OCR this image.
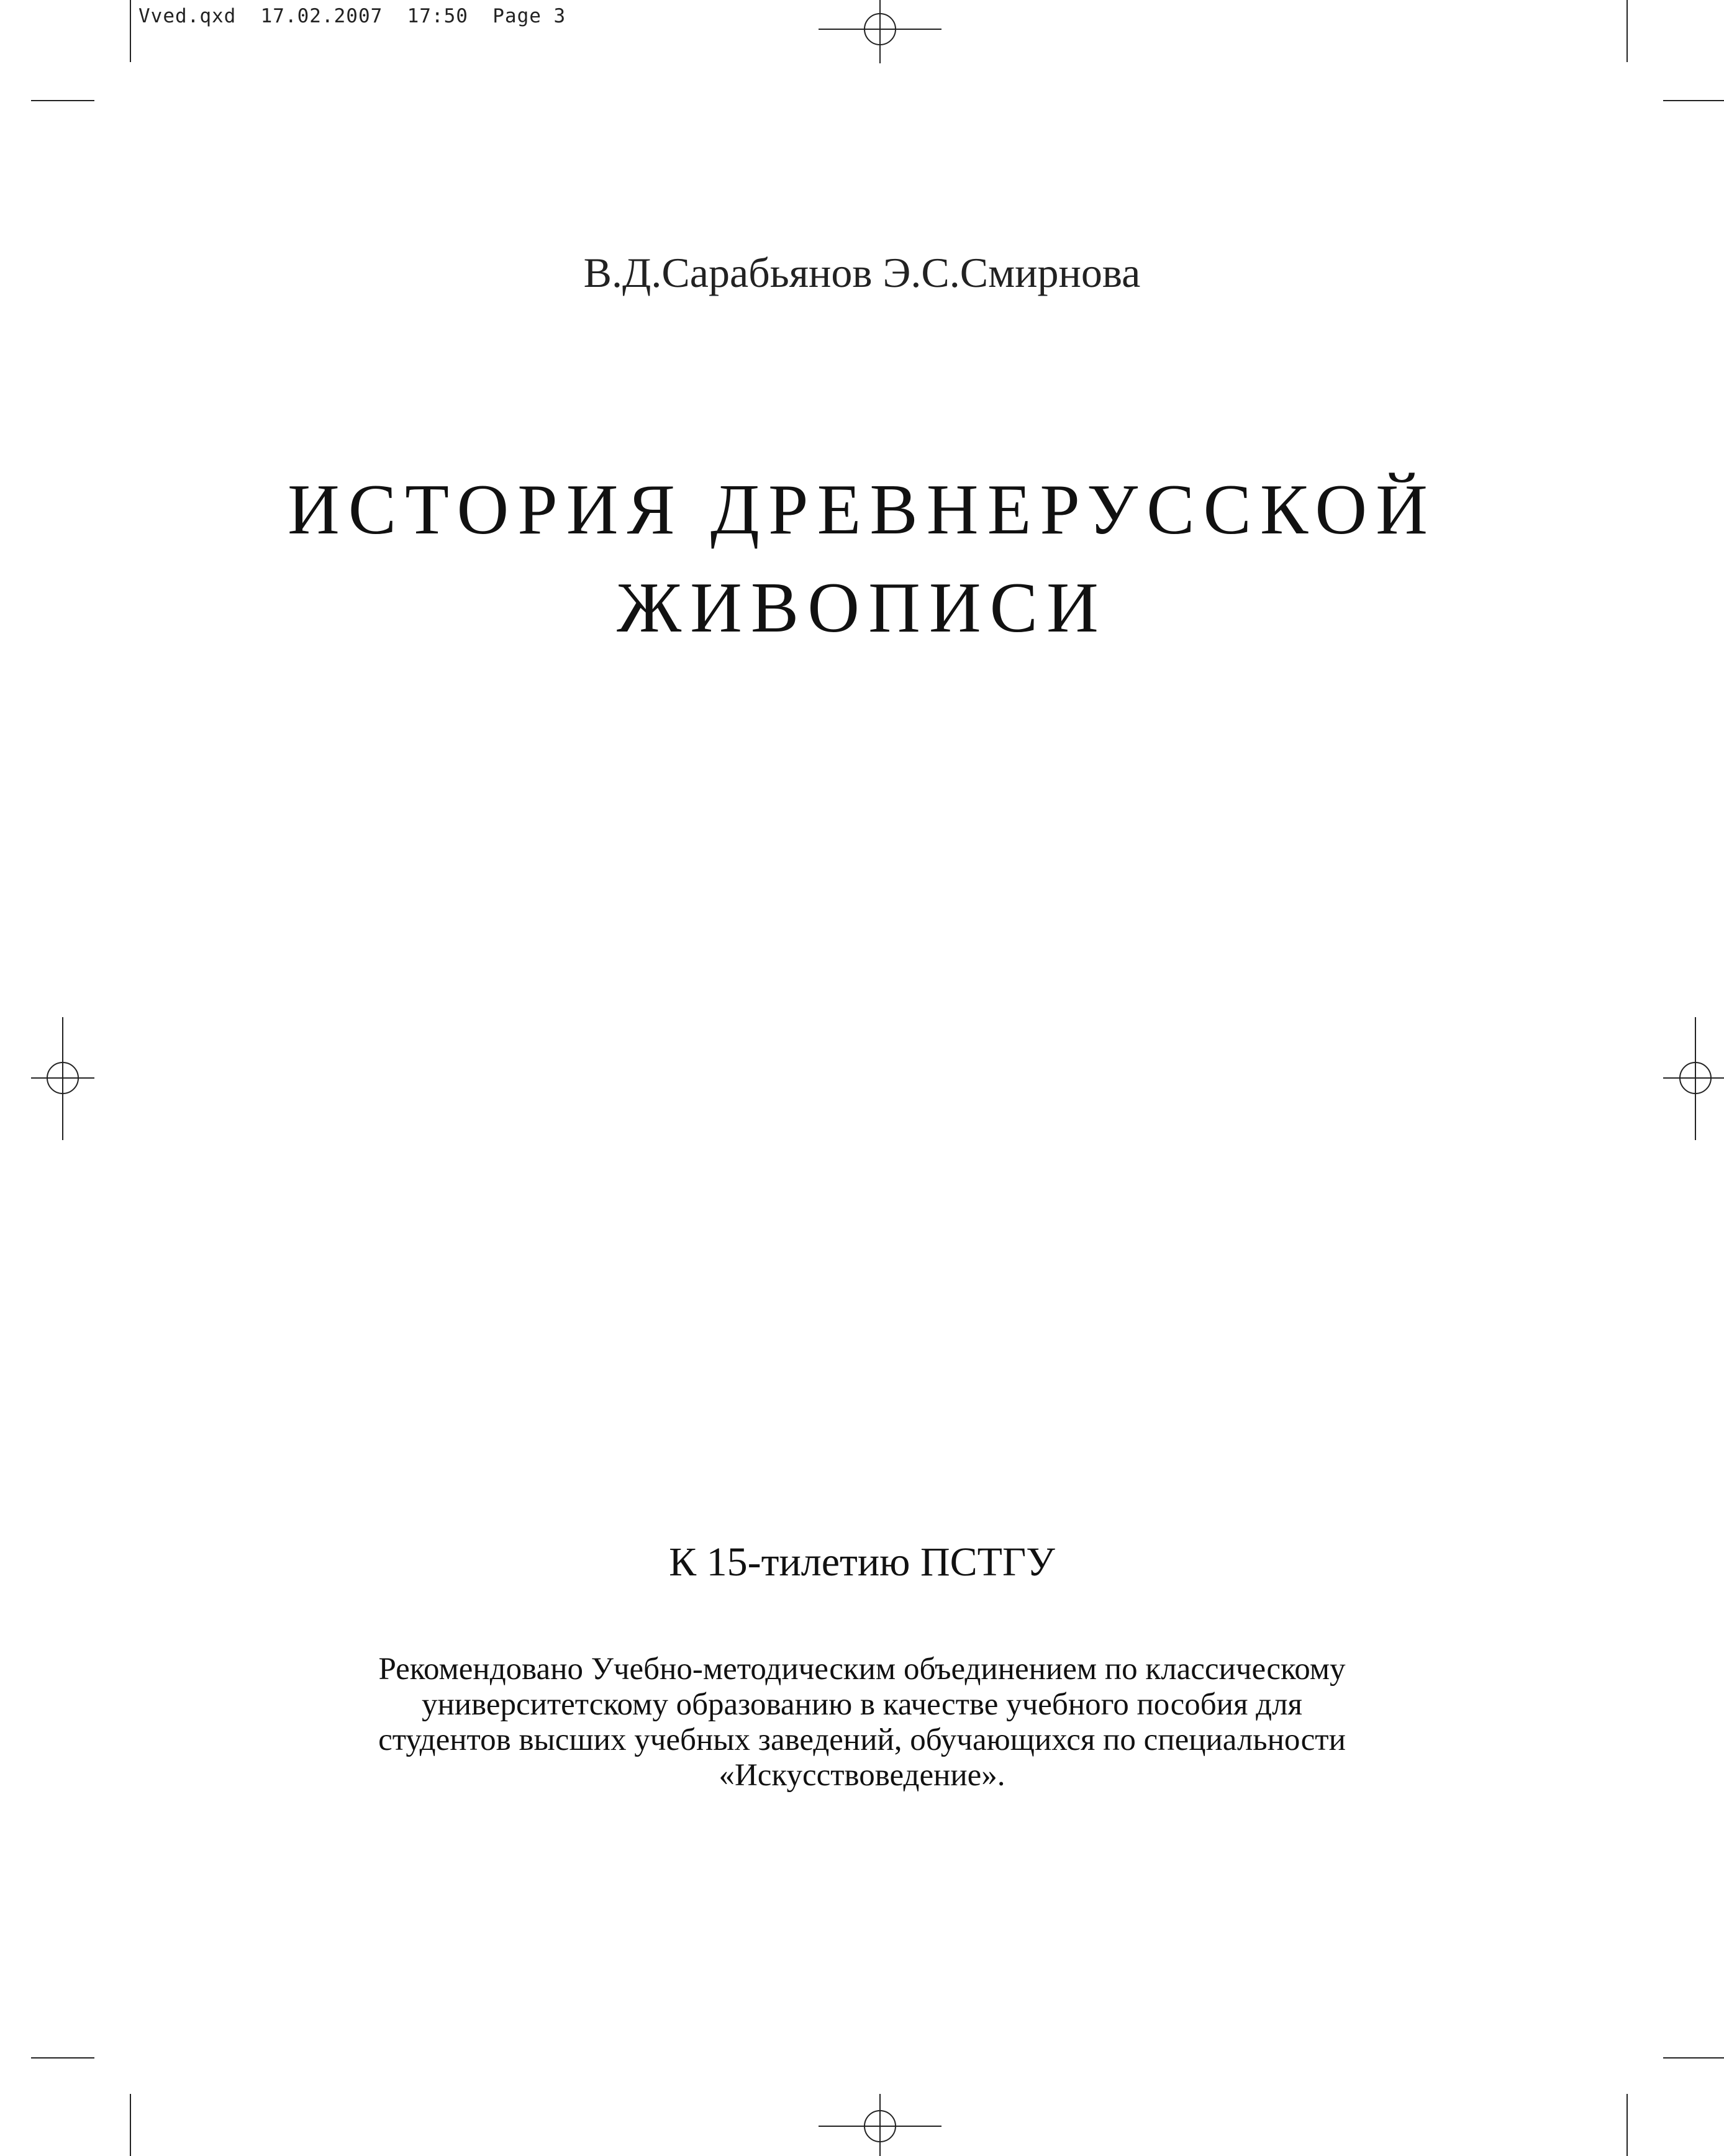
Vved.qxd  17.02.2007  17:50  Page 3
В.Д.Сарабьянов Э.С.Смирнова
ИСТОРИЯ ДРЕВНЕРУССКОЙ
ЖИВОПИСИ
К 15-тилетию ПСТГУ
Рекомендовано Учебно-методическим объединением по классическому
университетскому образованию в качестве учебного пособия для
студентов высших учебных заведений, обучающихся по специальности
«Искусствоведение».
